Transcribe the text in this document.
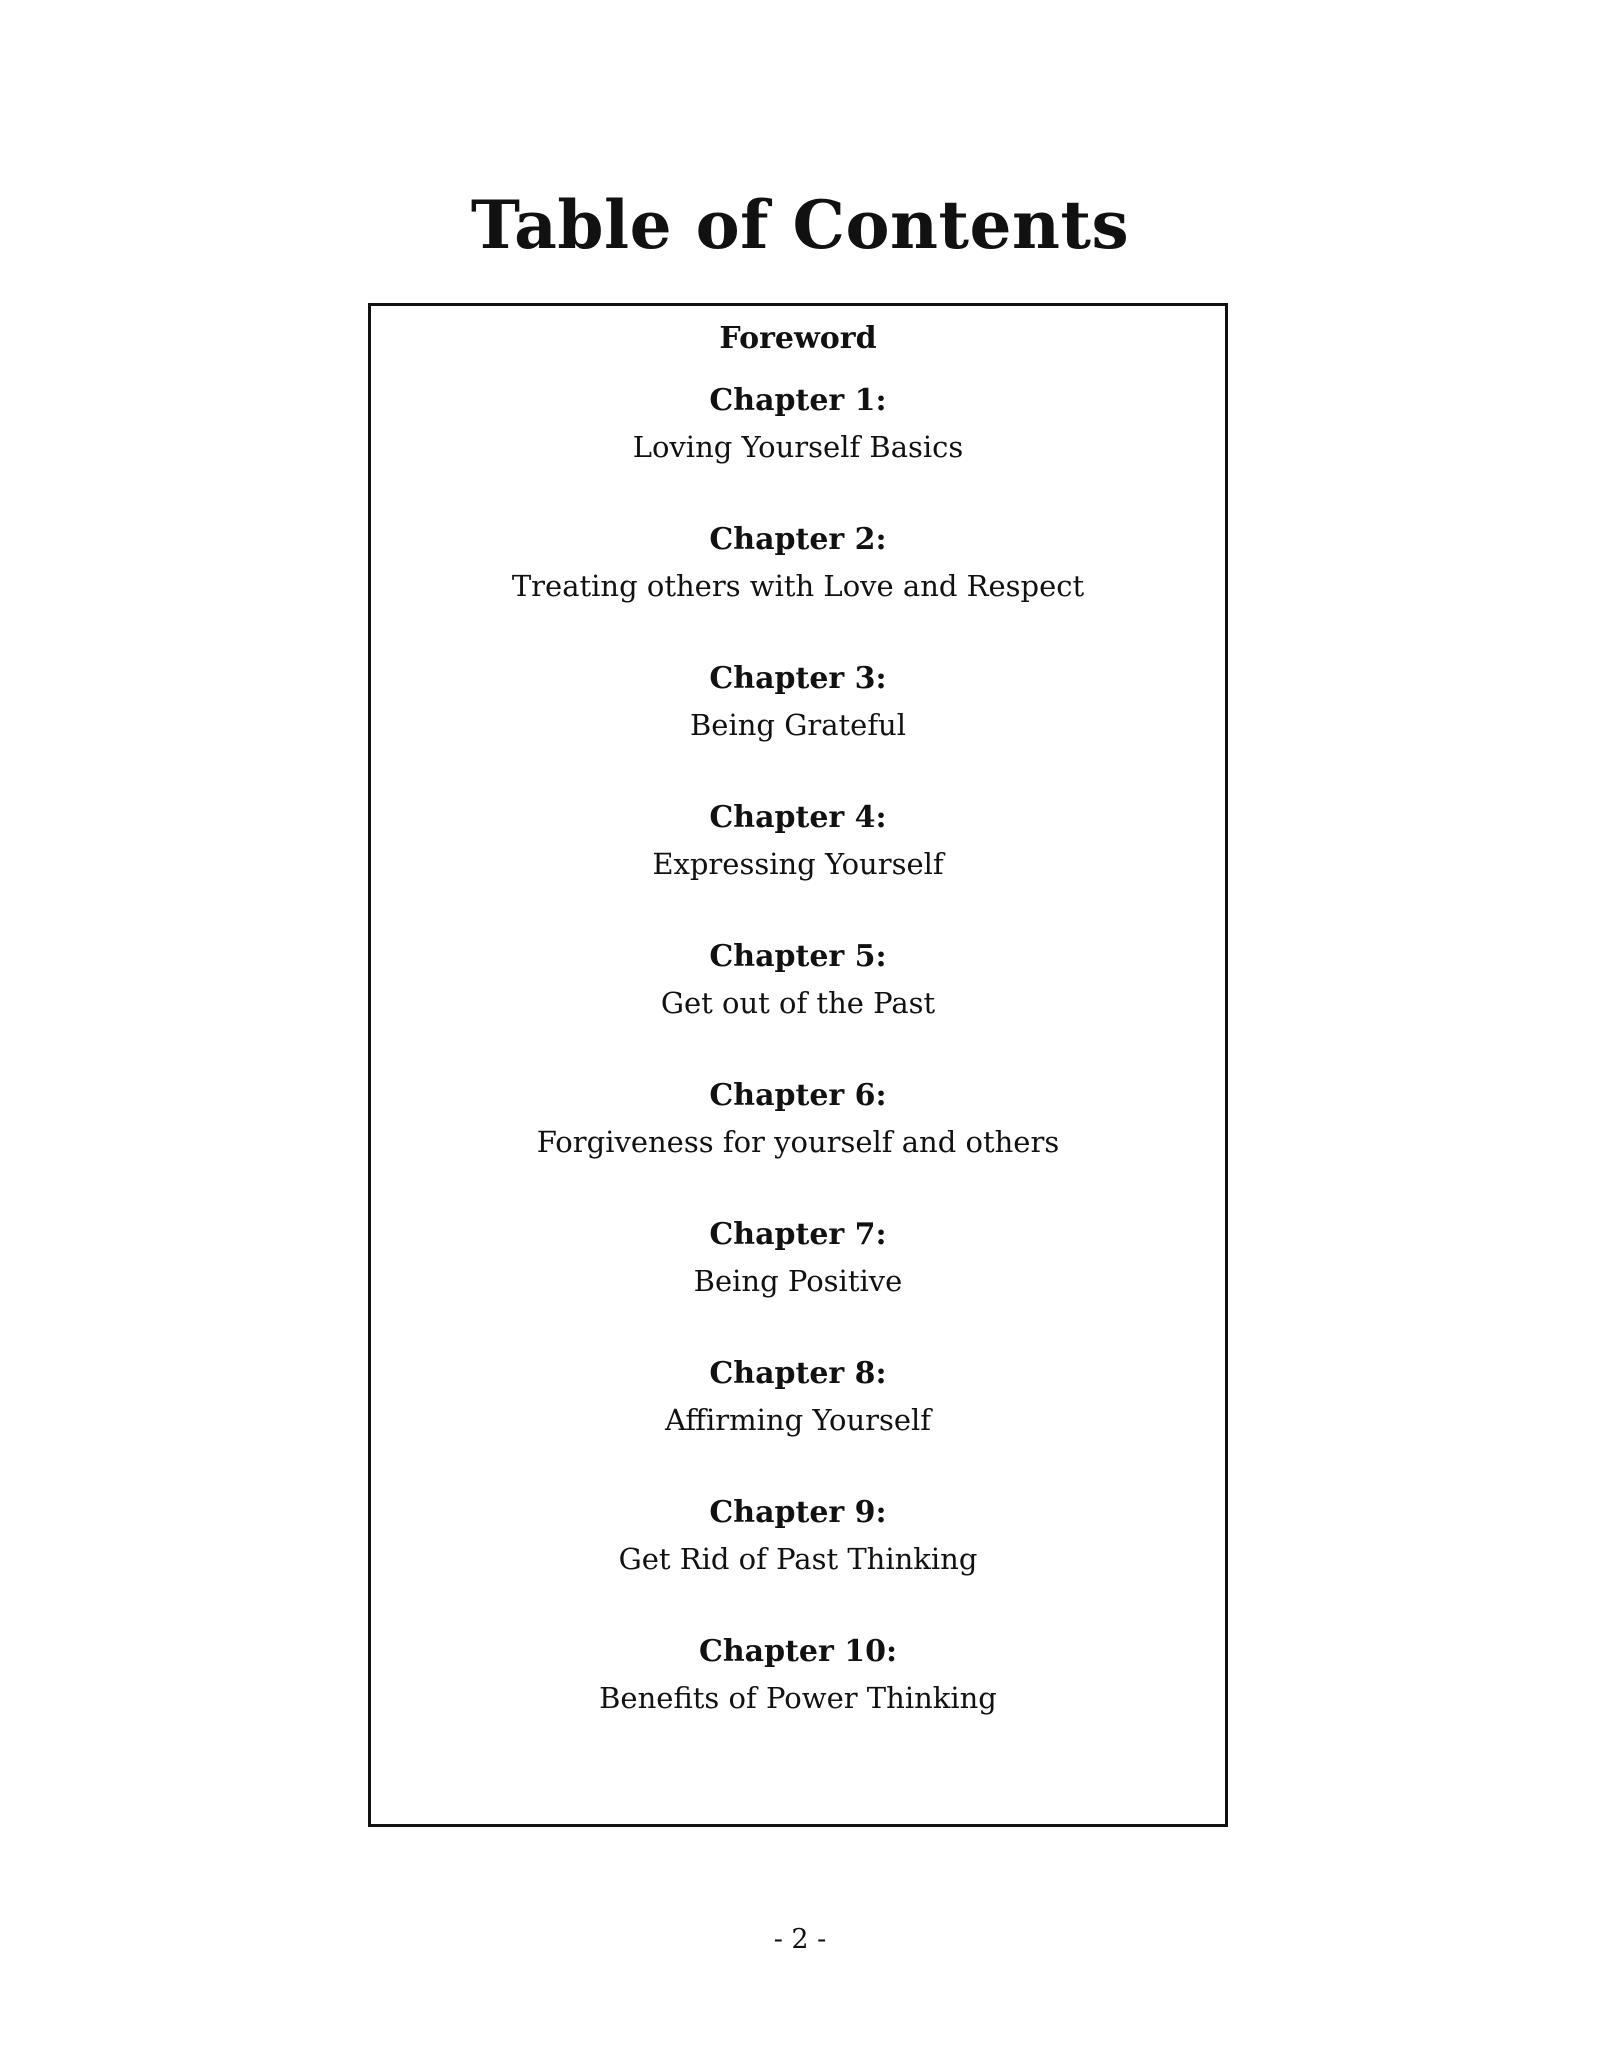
Table of Contents
Foreword
Chapter 1:
Loving Yourself Basics
Chapter 2:
Treating others with Love and Respect
Chapter 3:
Being Grateful
Chapter 4:
Expressing Yourself
Chapter 5:
Get out of the Past
Chapter 6:
Forgiveness for yourself and others
Chapter 7:
Being Positive
Chapter 8:
Affirming Yourself
Chapter 9:
Get Rid of Past Thinking
Chapter 10:
Benefits of Power Thinking
- 2 -
